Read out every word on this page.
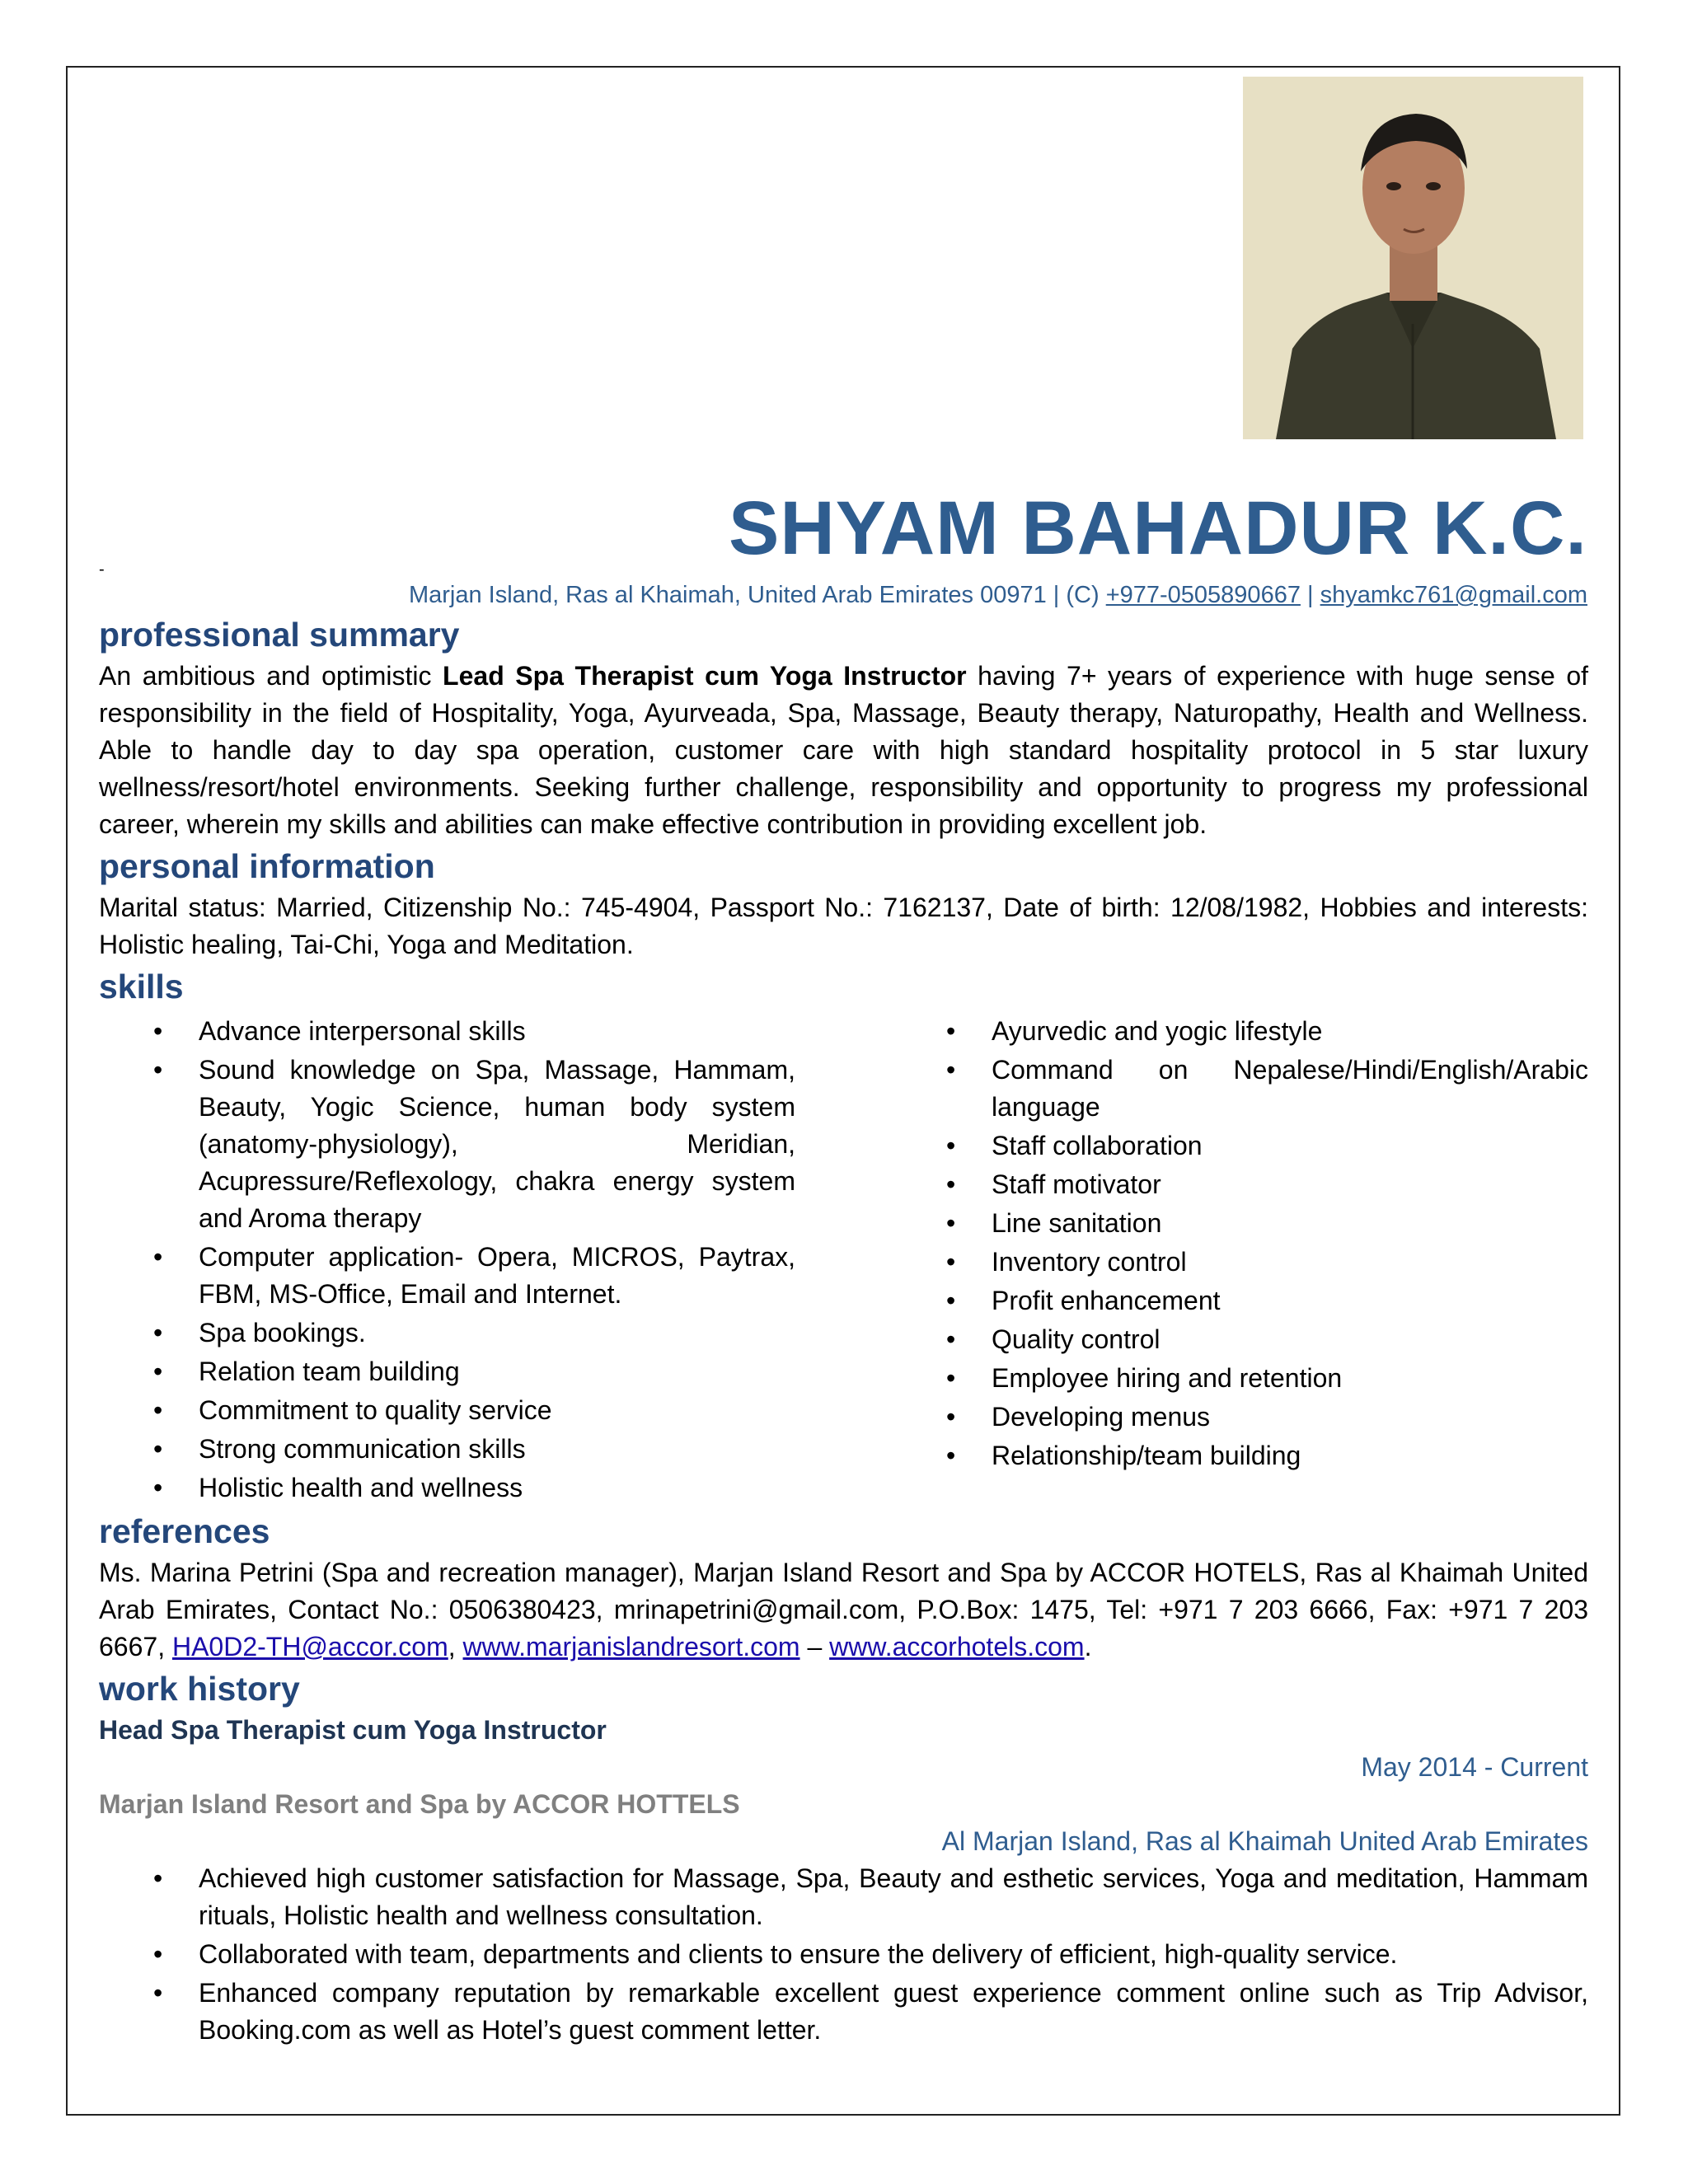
SHYAM BAHADUR K.C.
-
Marjan Island, Ras al Khaimah, United Arab Emirates 00971 | (C) +977-0505890667 | shyamkc761@gmail.com
professional summary

An ambitious and optimistic Lead Spa Therapist cum Yoga Instructor having 7+ years of experience with huge sense of responsibility in the field of Hospitality, Yoga, Ayurveada, Spa, Massage, Beauty therapy, Naturopathy, Health and Wellness. Able to handle day to day spa operation, customer care with high standard hospitality protocol in 5 star luxury wellness/resort/hotel environments. Seeking further challenge, responsibility and opportunity to progress my professional career, wherein my skills and abilities can make effective contribution in providing excellent job.

personal information

Marital status: Married, Citizenship No.: 745-4904, Passport No.: 7162137, Date of birth: 12/08/1982, Hobbies and interests: Holistic healing, Tai-Chi, Yoga and Meditation.

skills
• Advance interpersonal skills
• Sound knowledge on Spa, Massage, Hammam, Beauty, Yogic Science, human body system (anatomy-physiology), Meridian, Acupressure/Reflexology, chakra energy system and Aroma therapy
• Computer application- Opera, MICROS, Paytrax, FBM, MS-Office, Email and Internet.
• Spa bookings.
• Relation team building
• Commitment to quality service
• Strong communication skills
• Holistic health and wellness
• Ayurvedic and yogic lifestyle
• Command on Nepalese/Hindi/English/Arabic language
• Staff collaboration
• Staff motivator
• Line sanitation
• Inventory control
• Profit enhancement
• Quality control
• Employee hiring and retention
• Developing menus
• Relationship/team building
references

Ms. Marina Petrini (Spa and recreation manager), Marjan Island Resort and Spa by ACCOR HOTELS, Ras al Khaimah United Arab Emirates, Contact No.: 0506380423, mrinapetrini@gmail.com, P.O.Box: 1475, Tel: +971 7 203 6666, Fax: +971 7 203 6667, HA0D2-TH@accor.com, www.marjanislandresort.com – www.accorhotels.com.

work history

Head Spa Therapist cum Yoga Instructor

May 2014 - Current

Marjan Island Resort and Spa by ACCOR HOTTELS

Al Marjan Island, Ras al Khaimah United Arab Emirates

• Achieved high customer satisfaction for Massage, Spa, Beauty and esthetic services, Yoga and meditation, Hammam rituals, Holistic health and wellness consultation.
• Collaborated with team, departments and clients to ensure the delivery of efficient, high-quality service.
• Enhanced company reputation by remarkable excellent guest experience comment online such as Trip Advisor, Booking.com as well as Hotel’s guest comment letter.
